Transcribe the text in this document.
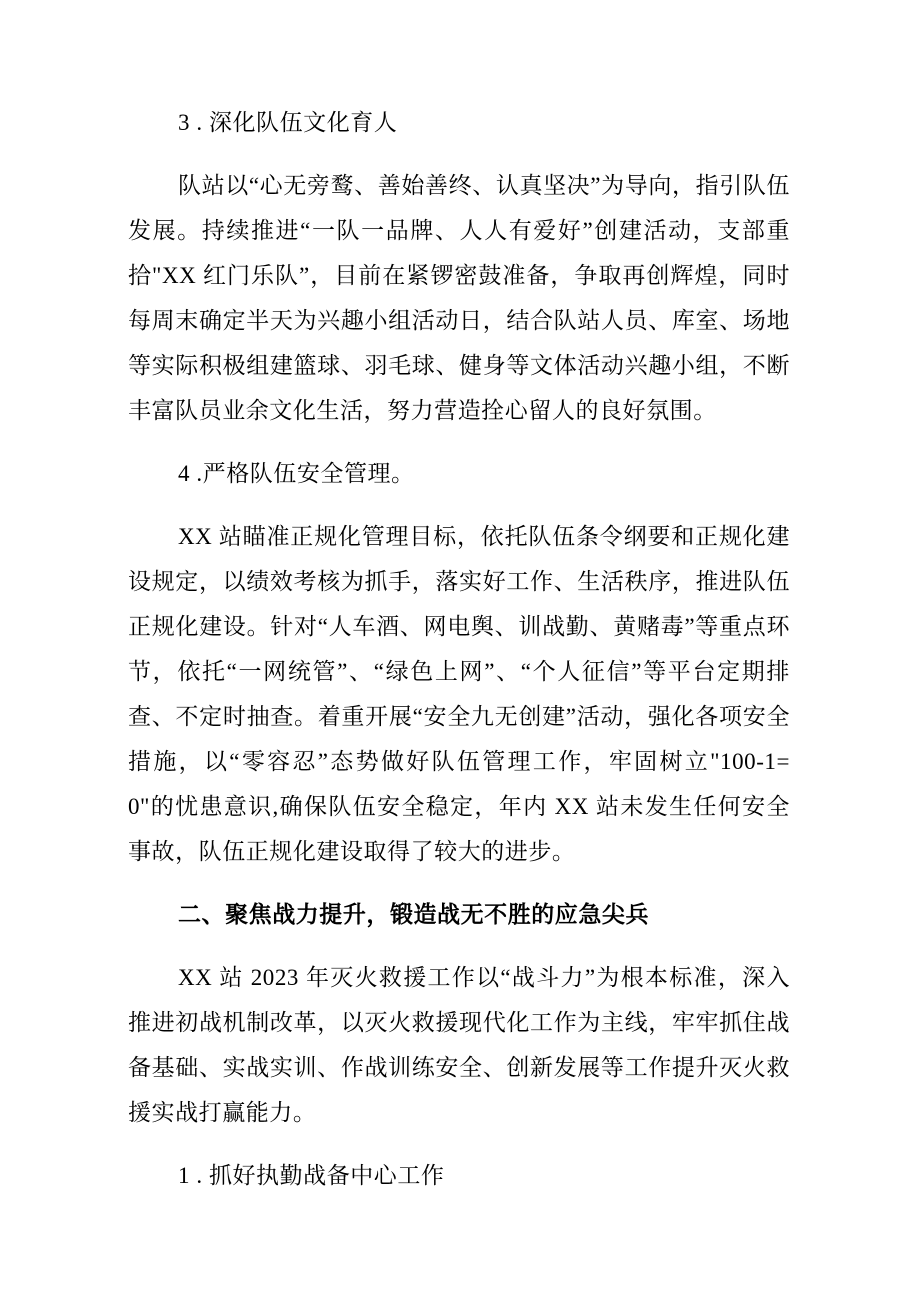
3 . 深化队伍文化育人

队站以“心无旁鹜、善始善终、认真坚决”为导向，指引队伍发展。持续推进“一队一品牌、人人有爱好”创建活动，支部重拾"XX 红门乐队”，目前在紧锣密鼓准备，争取再创辉煌，同时每周末确定半天为兴趣小组活动日，结合队站人员、库室、场地等实际积极组建篮球、羽毛球、健身等文体活动兴趣小组，不断丰富队员业余文化生活，努力营造拴心留人的良好氛围。

4 .严格队伍安全管理。

XX 站瞄准正规化管理目标，依托队伍条令纲要和正规化建设规定，以绩效考核为抓手，落实好工作、生活秩序，推进队伍正规化建设。针对“人车酒、网电舆、训战勤、黄赌毒”等重点环节，依托“一网统管”、“绿色上网”、“个人征信”等平台定期排查、不定时抽查。着重开展“安全九无创建”活动，强化各项安全措施，以“零容忍”态势做好队伍管理工作，牢固树立"100-1=0"的忧患意识,确保队伍安全稳定，年内 XX 站未发生任何安全事故，队伍正规化建设取得了较大的进步。

二、聚焦战力提升，锻造战无不胜的应急尖兵

XX 站 2023 年灭火救援工作以“战斗力”为根本标准，深入推进初战机制改革，以灭火救援现代化工作为主线，牢牢抓住战备基础、实战实训、作战训练安全、创新发展等工作提升灭火救援实战打赢能力。

1 . 抓好执勤战备中心工作
